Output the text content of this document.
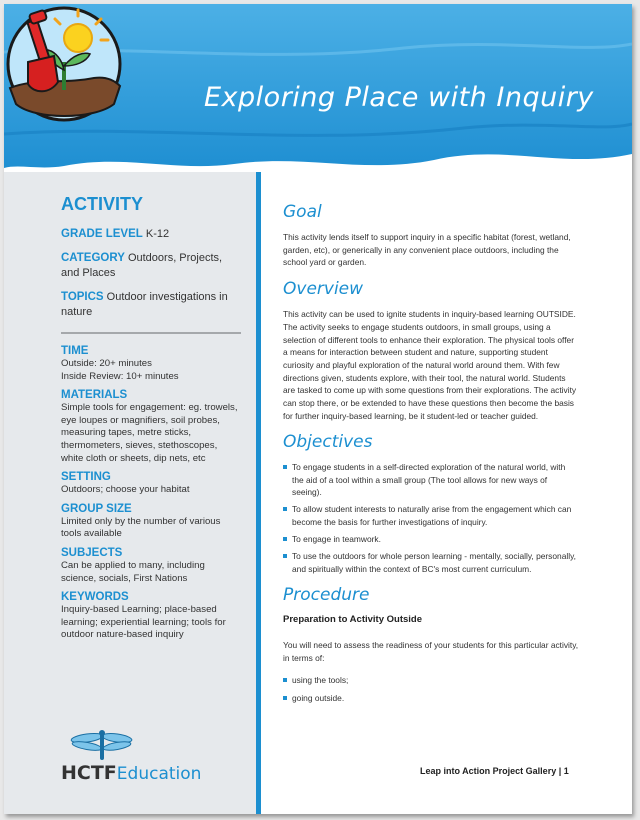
Exploring Place with Inquiry
ACTIVITY
GRADE LEVEL K-12
CATEGORY Outdoors, Projects, and Places
TOPICS Outdoor investigations in nature
TIME
Outside: 20+ minutes
Inside Review: 10+ minutes
MATERIALS
Simple tools for engagement: eg. trowels, eye loupes or magnifiers, soil probes, measuring tapes, metre sticks, thermometers, sieves, stethoscopes, white cloth or sheets, dip nets, etc
SETTING
Outdoors; choose your habitat
GROUP SIZE
Limited only by the number of various tools available
SUBJECTS
Can be applied to many, including science, socials, First Nations
KEYWORDS
Inquiry-based Learning; place-based learning; experiential learning; tools for outdoor nature-based inquiry
HCTFEducation
Goal
This activity lends itself to support inquiry in a specific habitat (forest, wetland, garden, etc), or generically in any convenient place outdoors, including the school yard or garden.
Overview
This activity can be used to ignite students in inquiry-based learning OUTSIDE. The activity seeks to engage students outdoors, in small groups, using a selection of different tools to enhance their exploration. The physical tools offer a means for interaction between student and nature, supporting student curiosity and playful exploration of the natural world around them. With few directions given, students explore, with their tool, the natural world. Students are tasked to come up with some questions from their explorations. The activity can stop there, or be extended to have these questions then become the basis for further inquiry-based learning, be it student-led or teacher guided.
Objectives
To engage students in a self-directed exploration of the natural world, with the aid of a tool within a small group (The tool allows for new ways of seeing).
To allow student interests to naturally arise from the engagement which can become the basis for further investigations of inquiry.
To engage in teamwork.
To use the outdoors for whole person learning - mentally, socially, personally, and spiritually within the context of BC's most current curriculum.
Procedure
Preparation to Activity Outside
You will need to assess the readiness of your students for this particular activity, in terms of:
using the tools;
going outside.
Leap into Action Project Gallery | 1
